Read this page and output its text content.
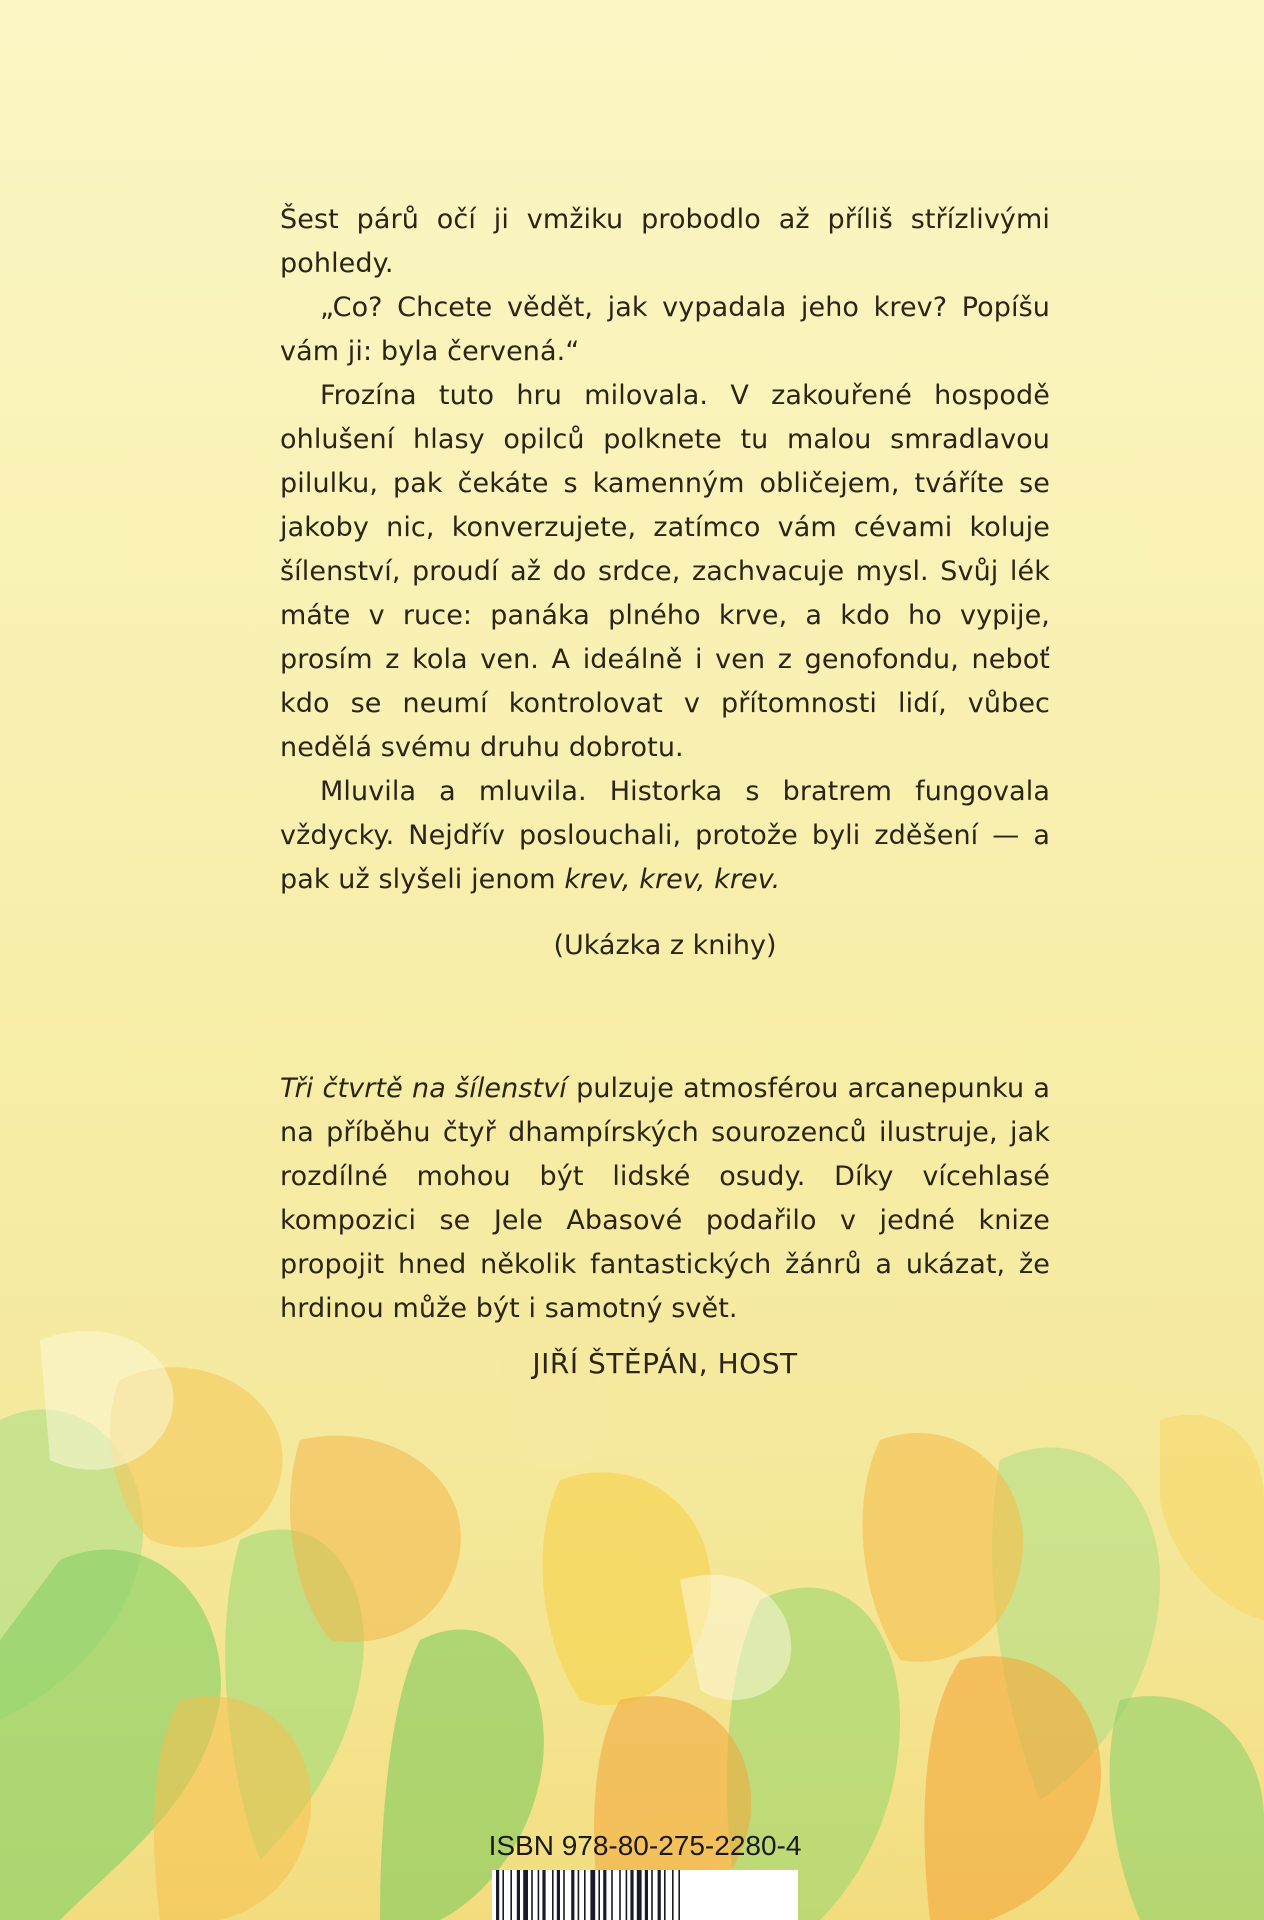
Šest párů očí ji vmžiku probodlo až příliš střízlivými pohledy.

„Co? Chcete vědět, jak vypadala jeho krev? Popíšu vám ji: byla červená.“

Frozína tuto hru milovala. V zakouřené hospodě ohlušení hlasy opilců polknete tu malou smradlavou pilulku, pak čekáte s kamenným obličejem, tváříte se jakoby nic, konverzujete, zatímco vám cévami koluje šílenství, proudí až do srdce, zachvacuje mysl. Svůj lék máte v ruce: panáka plného krve, a kdo ho vypije, prosím z kola ven. A ideálně i ven z genofondu, neboť kdo se neumí kontrolovat v přítomnosti lidí, vůbec nedělá svému druhu dobrotu.

Mluvila a mluvila. Historka s bratrem fungovala vždycky. Nejdřív poslouchali, protože byli zděšení — a pak už slyšeli jenom krev, krev, krev.

(Ukázka z knihy)

Tři čtvrtě na šílenství pulzuje atmosférou arcanepunku a na příběhu čtyř dhampírských sourozenců ilustruje, jak rozdílné mohou být lidské osudy. Díky vícehlasé kompozici se Jele Abasové podařilo v jedné knize propojit hned několik fantastických žánrů a ukázat, že hrdinou může být i samotný svět.

JIŘÍ ŠTĚPÁN, HOST
ISBN 978-80-275-2280-4
